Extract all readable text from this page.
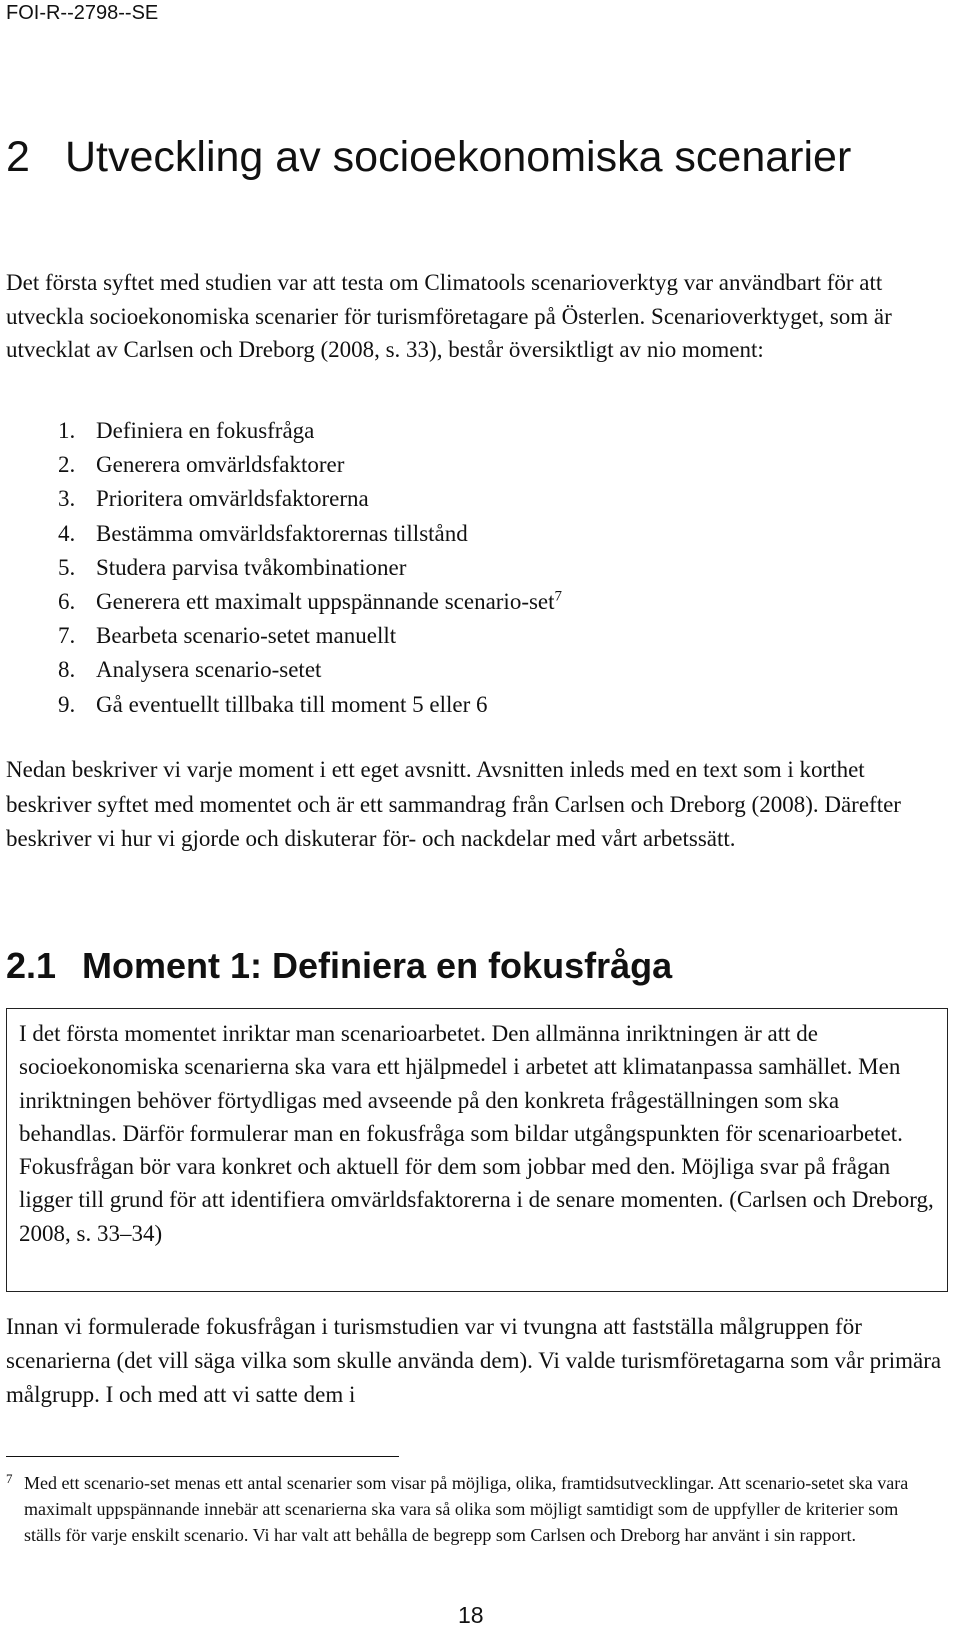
FOI-R--2798--SE
2 Utveckling av socioekonomiska scenarier

Det första syftet med studien var att testa om Climatools scenarioverktyg var användbart för att utveckla socioekonomiska scenarier för turismföretagare på Österlen. Scenarioverktyget, som är utvecklat av Carlsen och Dreborg (2008, s. 33), består översiktligt av nio moment:

1. Definiera en fokusfråga
2. Generera omvärldsfaktorer
3. Prioritera omvärldsfaktorerna
4. Bestämma omvärldsfaktorernas tillstånd
5. Studera parvisa tvåkombinationer
6. Generera ett maximalt uppspännande scenario-set$^7$
7. Bearbeta scenario-setet manuellt
8. Analysera scenario-setet
9. Gå eventuellt tillbaka till moment 5 eller 6

Nedan beskriver vi varje moment i ett eget avsnitt. Avsnitten inleds med en text som i korthet beskriver syftet med momentet och är ett sammandrag från Carlsen och Dreborg (2008). Därefter beskriver vi hur vi gjorde och diskuterar för- och nackdelar med vårt arbetssätt.

2.1 Moment 1: Definiera en fokusfråga

I det första momentet inriktar man scenarioarbetet. Den allmänna inriktningen är att de socioekonomiska scenarierna ska vara ett hjälpmedel i arbetet att klimatanpassa samhället. Men inriktningen behöver förtydligas med avseende på den konkreta frågeställningen som ska behandlas. Därför formulerar man en fokusfråga som bildar utgångspunkten för scenarioarbetet. Fokusfrågan bör vara konkret och aktuell för dem som jobbar med den. Möjliga svar på frågan ligger till grund för att identifiera omvärldsfaktorerna i de senare momenten. (Carlsen och Dreborg, 2008, s. 33–34)

Innan vi formulerade fokusfrågan i turismstudien var vi tvungna att fastställa målgruppen för scenarierna (det vill säga vilka som skulle använda dem). Vi valde turismföretagarna som vår primära målgrupp. I och med att vi satte dem i

7 Med ett scenario-set menas ett antal scenarier som visar på möjliga, olika, framtidsutvecklingar. Att scenario-setet ska vara maximalt uppspännande innebär att scenarierna ska vara så olika som möjligt samtidigt som de uppfyller de kriterier som ställs för varje enskilt scenario. Vi har valt att behålla de begrepp som Carlsen och Dreborg har använt i sin rapport.

18
